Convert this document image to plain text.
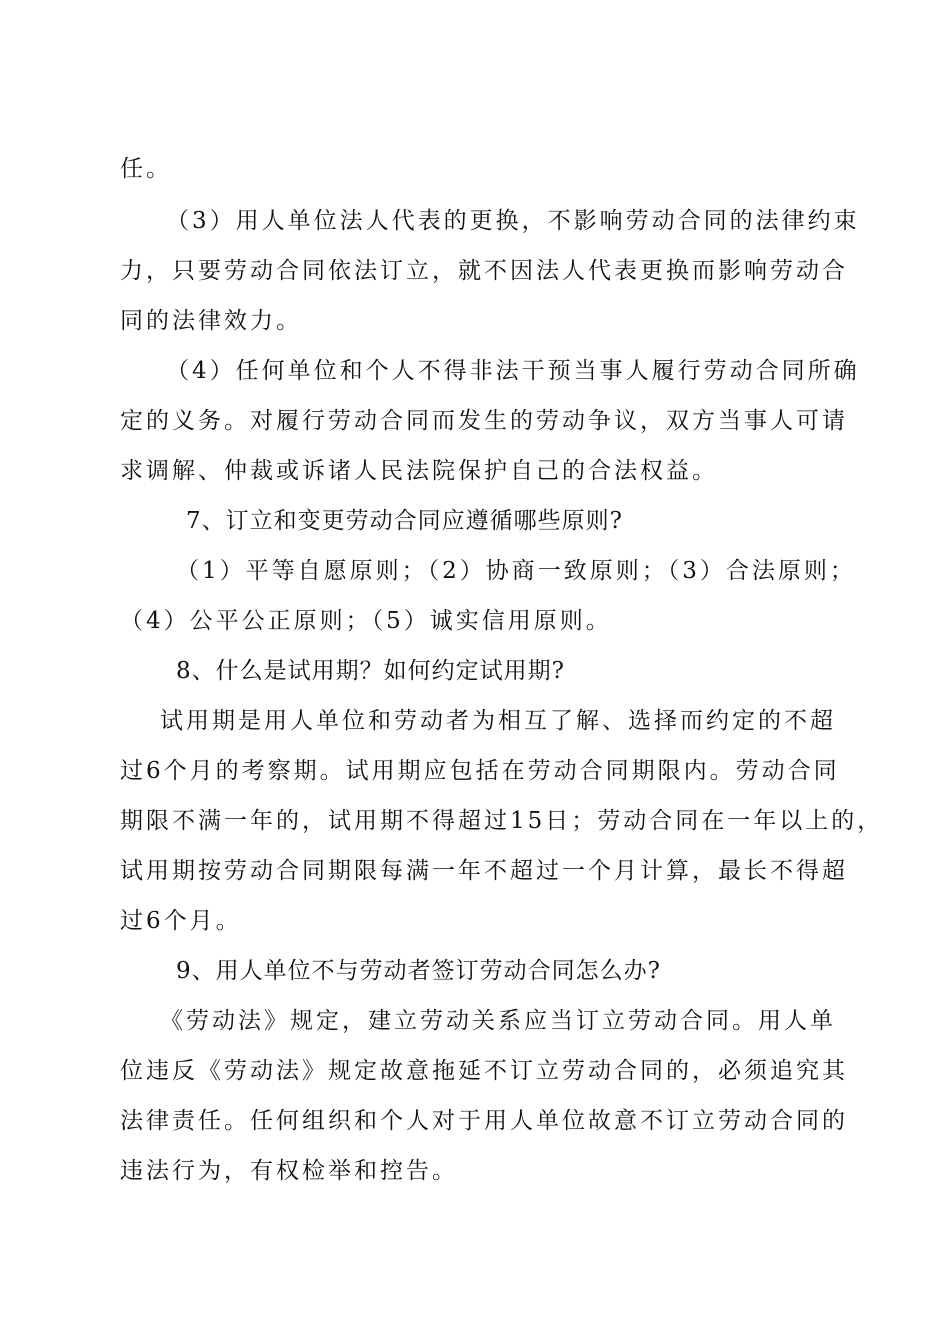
任。
（3）用人单位法人代表的更换，不影响劳动合同的法律约束
力，只要劳动合同依法订立，就不因法人代表更换而影响劳动合
同的法律效力。
（4）任何单位和个人不得非法干预当事人履行劳动合同所确
定的义务。对履行劳动合同而发生的劳动争议，双方当事人可请
求调解、仲裁或诉诸人民法院保护自己的合法权益。
7、订立和变更劳动合同应遵循哪些原则?
（1）平等自愿原则；（2）协商一致原则；（3）合法原则；
（4）公平公正原则；（5）诚实信用原则。
8、什么是试用期？如何约定试用期?
试用期是用人单位和劳动者为相互了解、选择而约定的不超
过6个月的考察期。试用期应包括在劳动合同期限内。劳动合同
期限不满一年的，试用期不得超过15日；劳动合同在一年以上的，
试用期按劳动合同期限每满一年不超过一个月计算，最长不得超
过6个月。
9、用人单位不与劳动者签订劳动合同怎么办?
《劳动法》规定，建立劳动关系应当订立劳动合同。用人单
位违反《劳动法》规定故意拖延不订立劳动合同的，必须追究其
法律责任。任何组织和个人对于用人单位故意不订立劳动合同的
违法行为，有权检举和控告。
